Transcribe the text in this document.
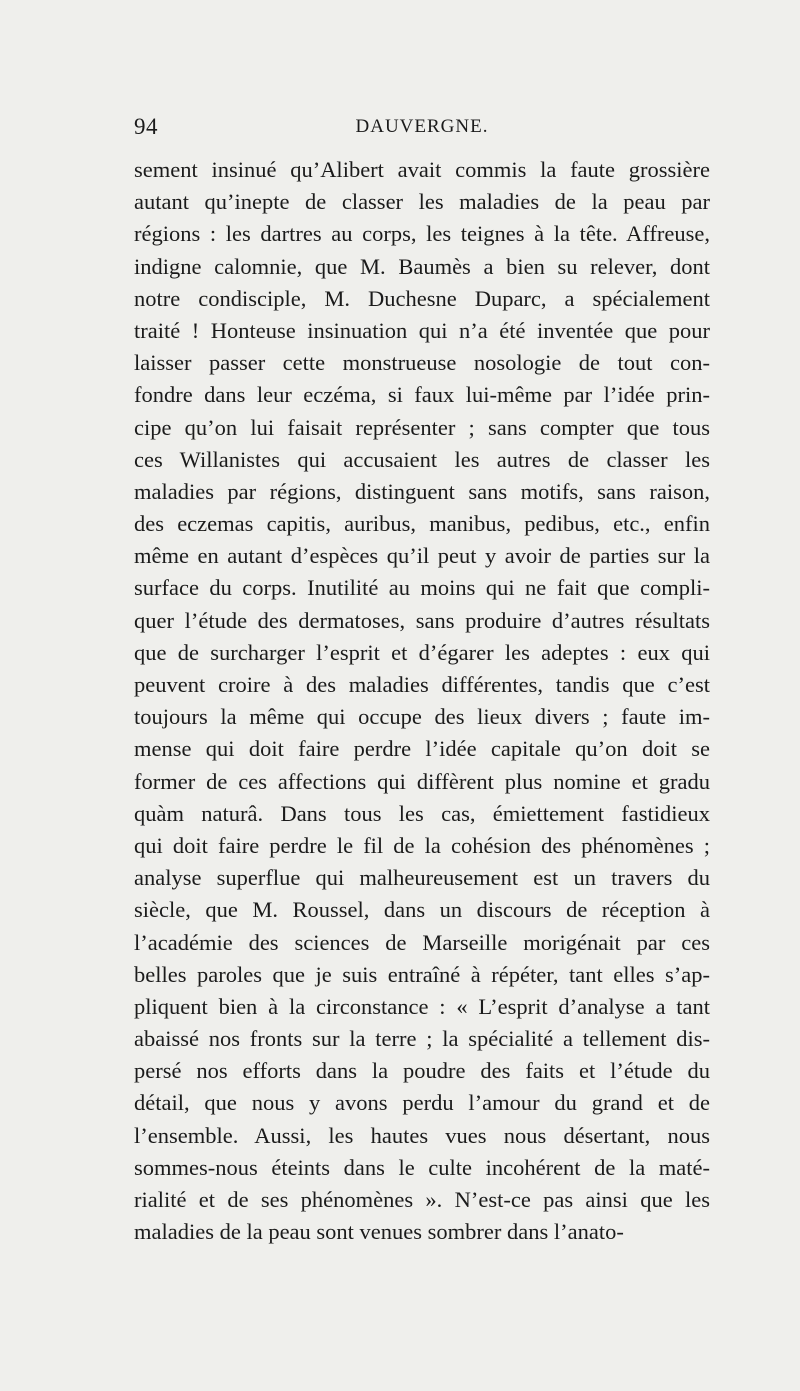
94	DAUVERGNE.
sement insinué qu’Alibert avait commis la faute grossière
autant qu’inepte de classer les maladies de la peau par
régions : les dartres au corps, les teignes à la tête. Affreuse,
indigne calomnie, que M. Baumès a bien su relever, dont
notre condisciple, M. Duchesne Duparc, a spécialement
traité ! Honteuse insinuation qui n’a été inventée que pour
laisser passer cette monstrueuse nosologie de tout con-
fondre dans leur eczéma, si faux lui-même par l’idée prin-
cipe qu’on lui faisait représenter ; sans compter que tous
ces Willanistes qui accusaient les autres de classer les
maladies par régions, distinguent sans motifs, sans raison,
des eczemas capitis, auribus, manibus, pedibus, etc., enfin
même en autant d’espèces qu’il peut y avoir de parties sur la
surface du corps. Inutilité au moins qui ne fait que compli-
quer l’étude des dermatoses, sans produire d’autres résultats
que de surcharger l’esprit et d’égarer les adeptes : eux qui
peuvent croire à des maladies différentes, tandis que c’est
toujours la même qui occupe des lieux divers ; faute im-
mense qui doit faire perdre l’idée capitale qu’on doit se
former de ces affections qui diffèrent plus nomine et gradu
quàm naturâ. Dans tous les cas, émiettement fastidieux
qui doit faire perdre le fil de la cohésion des phénomènes ;
analyse superflue qui malheureusement est un travers du
siècle, que M. Roussel, dans un discours de réception à
l’académie des sciences de Marseille morigénait par ces
belles paroles que je suis entraîné à répéter, tant elles s’ap-
pliquent bien à la circonstance : « L’esprit d’analyse a tant
abaissé nos fronts sur la terre ; la spécialité a tellement dis-
persé nos efforts dans la poudre des faits et l’étude du
détail, que nous y avons perdu l’amour du grand et de
l’ensemble. Aussi, les hautes vues nous désertant, nous
sommes-nous éteints dans le culte incohérent de la maté-
rialité et de ses phénomènes ». N’est-ce pas ainsi que les
maladies de la peau sont venues sombrer dans l’anato-
